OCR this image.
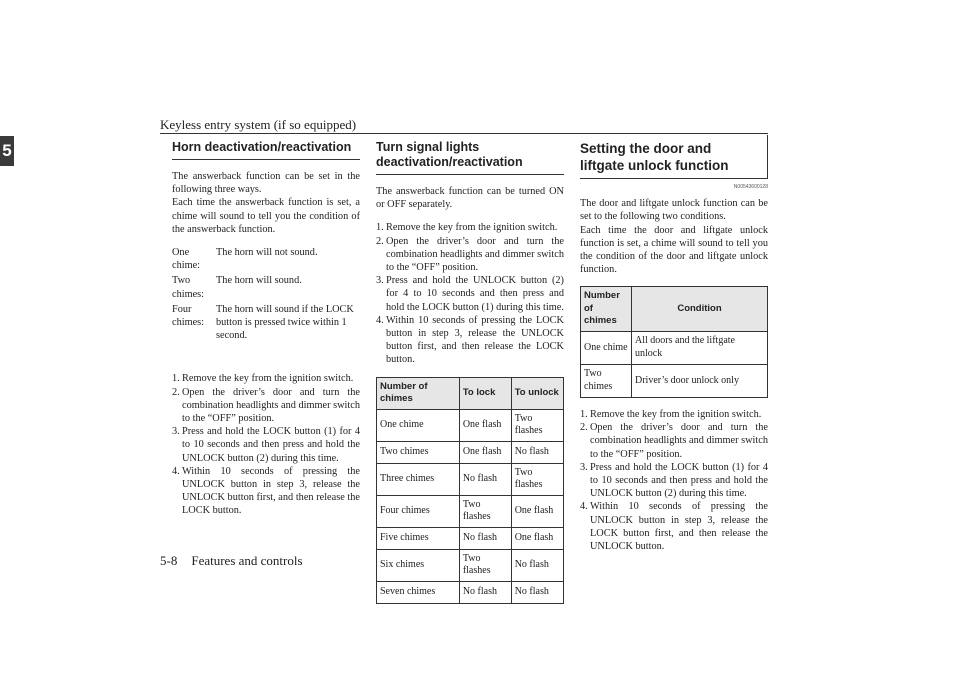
Keyless entry system (if so equipped)
5	Horn deactivation/reactivation

The answerback function can be set in the following three ways.

Each time the answerback function is set, a chime will sound to tell you the condition of the answerback function.

One chime:
The horn will not sound.
Two chimes:
The horn will sound.
Four chimes:
The horn will sound if the LOCK button is pressed twice within 1 second.
1. Remove the key from the ignition switch.
2. Open the driver’s door and turn the combination headlights and dimmer switch to the “OFF” position.
3. Press and hold the LOCK button (1) for 4 to 10 seconds and then press and hold the UNLOCK button (2) during this time.
4. Within 10 seconds of pressing the UNLOCK button in step 3, release the UNLOCK button first, and then release the LOCK button.
Turn signal lights deactivation/reactivation

The answerback function can be turned ON or OFF separately.

1. Remove the key from the ignition switch.
2. Open the driver’s door and turn the combination headlights and dimmer switch to the “OFF” position.
3. Press and hold the UNLOCK button (2) for 4 to 10 seconds and then press and hold the LOCK button (1) during this time.
4. Within 10 seconds of pressing the LOCK button in step 3, release the UNLOCK button first, and then release the LOCK button.
Number of chimes	To lock	To unlock
One chime	One flash	Two flashes
Two chimes	One flash	No flash
Three chimes	No flash	Two flashes
Four chimes	Two flashes	One flash
Five chimes	No flash	One flash
Six chimes	Two flashes	No flash
Seven chimes	No flash	No flash
Setting the door and liftgate unlock function
N00543600128

The door and liftgate unlock function can be set to the following two conditions.

Each time the door and liftgate unlock function is set, a chime will sound to tell you the condition of the door and liftgate unlock function.

Number of chimes	Condition
One chime	All doors and the liftgate unlock
Two chimes	Driver’s door unlock only
1. Remove the key from the ignition switch.
2. Open the driver’s door and turn the combination headlights and dimmer switch to the “OFF” position.
3. Press and hold the LOCK button (1) for 4 to 10 seconds and then press and hold the UNLOCK button (2) during this time.
4. Within 10 seconds of pressing the UNLOCK button in step 3, release the LOCK button first, and then release the UNLOCK button.
5-8 Features and controls
